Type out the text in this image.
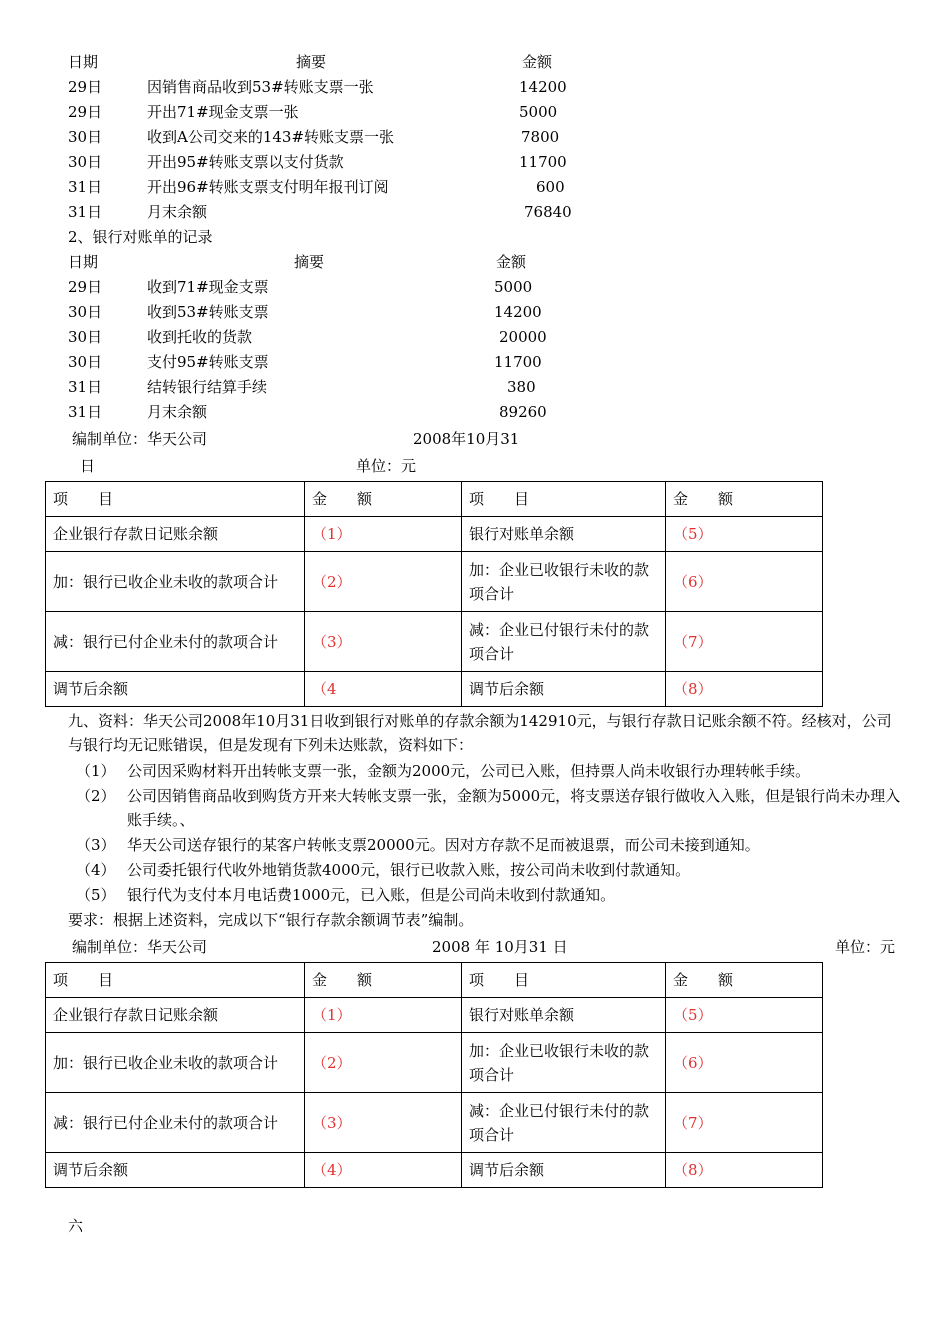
日期	摘要	金额
29日	因销售商品收到53#转账支票一张	14200
29日	开出71#现金支票一张	5000
30日	收到A公司交来的143#转账支票一张	7800
30日	开出95#转账支票以支付货款	11700
31日	开出96#转账支票支付明年报刊订阅	600
31日	月末余额	76840
2、银行对账单的记录
日期	摘要	金额
29日	收到71#现金支票	5000
30日	收到53#转账支票	14200
30日	收到托收的货款	20000
30日	支付95#转账支票	11700
31日	结转银行结算手续	380
31日	月末余额	89260
编制单位：华天公司	2008年10月31
日	单位：元
项　　目	金　　额	项　　目	金　　额
企业银行存款日记账余额	（1）	银行对账单余额	（5）
加：银行已收企业未收的款项合计	（2）	加：企业已收银行未收的款项合计	（6）
减：银行已付企业未付的款项合计	（3）	减：企业已付银行未付的款项合计	（7）
调节后余额	（4	调节后余额	（8）
九、资料：华天公司2008年10月31日收到银行对账单的存款余额为142910元，与银行存款日记账余额不符。经核对，公司与银行均无记账错误，但是发现有下列未达账款，资料如下：
（1） 公司因采购材料开出转帐支票一张，金额为2000元，公司已入账，但持票人尚未收银行办理转帐手续。
（2） 公司因销售商品收到购货方开来大转帐支票一张，金额为5000元，将支票送存银行做收入入账，但是银行尚未办理入账手续。、
（3） 华天公司送存银行的某客户转帐支票20000元。因对方存款不足而被退票，而公司未接到通知。
（4） 公司委托银行代收外地销货款4000元，银行已收款入账，按公司尚未收到付款通知。
（5） 银行代为支付本月电话费1000元，已入账，但是公司尚未收到付款通知。
要求：根据上述资料，完成以下“银行存款余额调节表”编制。
编制单位：华天公司	2008 年 10月31 日	单位：元
项　　目	金　　额	项　　目	金　　额
企业银行存款日记账余额	（1）	银行对账单余额	（5）
加：银行已收企业未收的款项合计	（2）	加：企业已收银行未收的款项合计	（6）
减：银行已付企业未付的款项合计	（3）	减：企业已付银行未付的款项合计	（7）
调节后余额	（4）	调节后余额	（8）
六
